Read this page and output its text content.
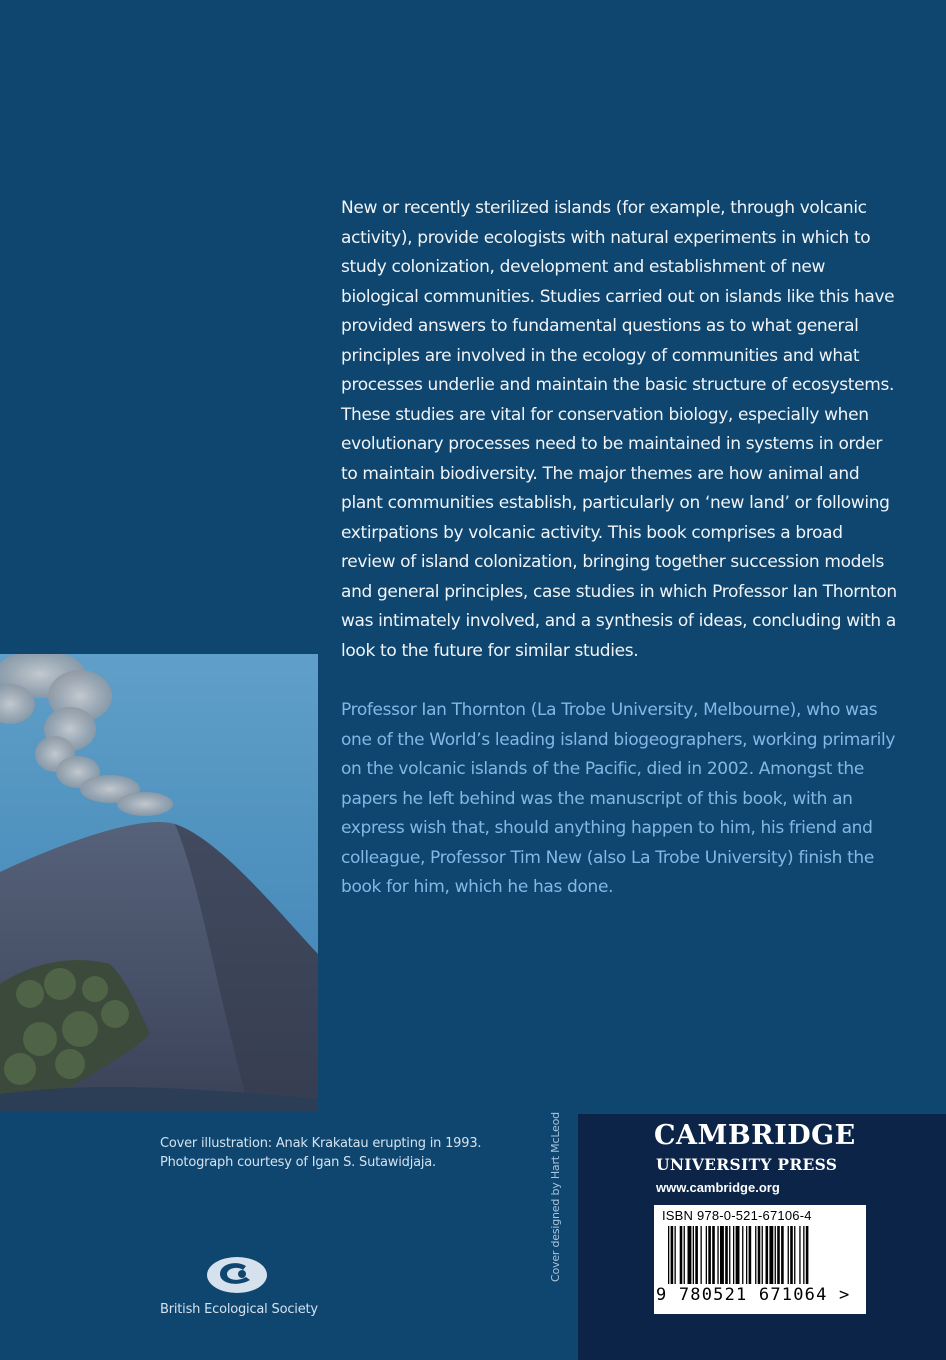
New or recently sterilized islands (for example, through volcanic activity), provide ecologists with natural experiments in which to study colonization, development and establishment of new biological communities. Studies carried out on islands like this have provided answers to fundamental questions as to what general principles are involved in the ecology of communities and what processes underlie and maintain the basic structure of ecosystems. These studies are vital for conservation biology, especially when evolutionary processes need to be maintained in systems in order to maintain biodiversity. The major themes are how animal and plant communities establish, particularly on ‘new land’ or following extirpations by volcanic activity. This book comprises a broad review of island colonization, bringing together succession models and general principles, case studies in which Professor Ian Thornton was intimately involved, and a synthesis of ideas, concluding with a look to the future for similar studies.

Professor Ian Thornton (La Trobe University, Melbourne), who was one of the World’s leading island biogeographers, working primarily on the volcanic islands of the Pacific, died in 2002. Amongst the papers he left behind was the manuscript of this book, with an express wish that, should anything happen to him, his friend and colleague, Professor Tim New (also La Trobe University) finish the book for him, which he has done.

Cover illustration: Anak Krakatau erupting in 1993.
Photograph courtesy of Igan S. Sutawidjaja.
British Ecological Society
Cover designed by Hart McLeod	CAMBRIDGE
UNIVERSITY PRESS
www.cambridge.org
ISBN 978-0-521-67106-4
9 780521 671064 >
